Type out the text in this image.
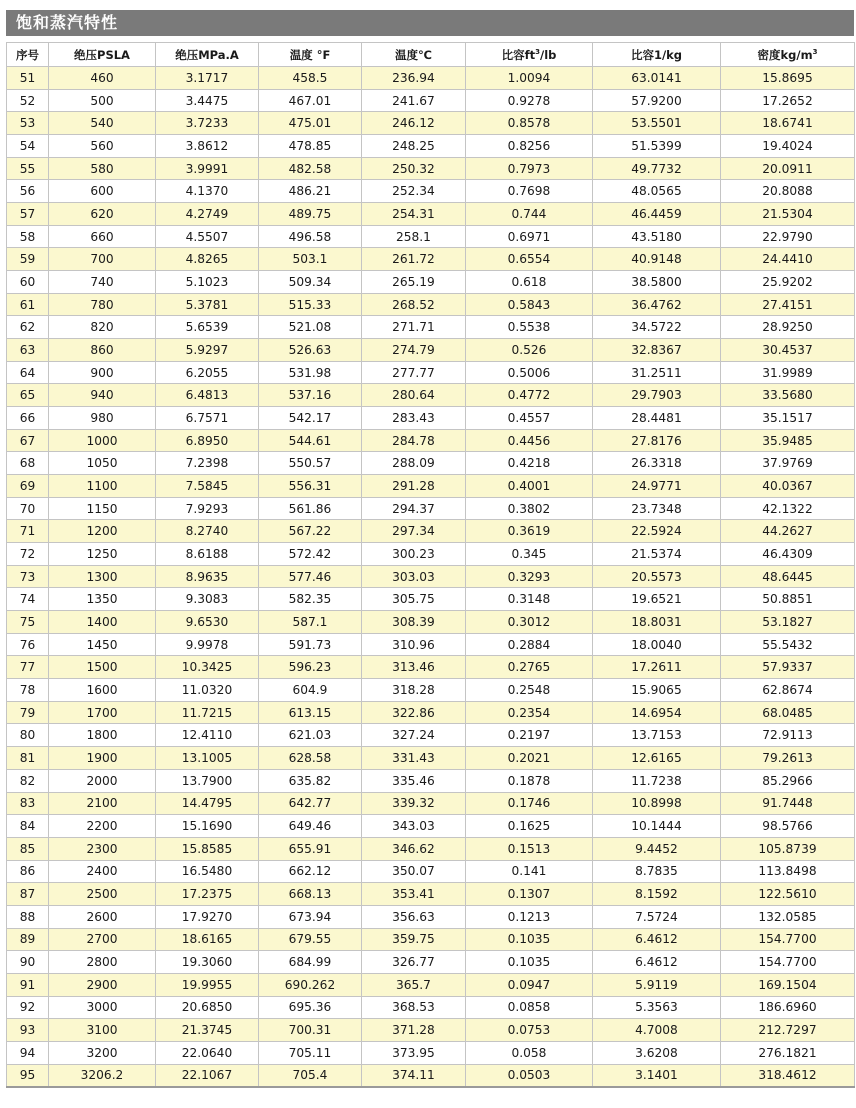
饱和蒸汽特性
序号	绝压PSLA	绝压MPa.A	温度 °F	温度℃	比容$ft^3/lb$	比容1/kg	密度$kg/m^3$
51	460	3.1717	458.5	236.94	1.0094	63.0141	15.8695
52	500	3.4475	467.01	241.67	0.9278	57.9200	17.2652
53	540	3.7233	475.01	246.12	0.8578	53.5501	18.6741
54	560	3.8612	478.85	248.25	0.8256	51.5399	19.4024
55	580	3.9991	482.58	250.32	0.7973	49.7732	20.0911
56	600	4.1370	486.21	252.34	0.7698	48.0565	20.8088
57	620	4.2749	489.75	254.31	0.744	46.4459	21.5304
58	660	4.5507	496.58	258.1	0.6971	43.5180	22.9790
59	700	4.8265	503.1	261.72	0.6554	40.9148	24.4410
60	740	5.1023	509.34	265.19	0.618	38.5800	25.9202
61	780	5.3781	515.33	268.52	0.5843	36.4762	27.4151
62	820	5.6539	521.08	271.71	0.5538	34.5722	28.9250
63	860	5.9297	526.63	274.79	0.526	32.8367	30.4537
64	900	6.2055	531.98	277.77	0.5006	31.2511	31.9989
65	940	6.4813	537.16	280.64	0.4772	29.7903	33.5680
66	980	6.7571	542.17	283.43	0.4557	28.4481	35.1517
67	1000	6.8950	544.61	284.78	0.4456	27.8176	35.9485
68	1050	7.2398	550.57	288.09	0.4218	26.3318	37.9769
69	1100	7.5845	556.31	291.28	0.4001	24.9771	40.0367
70	1150	7.9293	561.86	294.37	0.3802	23.7348	42.1322
71	1200	8.2740	567.22	297.34	0.3619	22.5924	44.2627
72	1250	8.6188	572.42	300.23	0.345	21.5374	46.4309
73	1300	8.9635	577.46	303.03	0.3293	20.5573	48.6445
74	1350	9.3083	582.35	305.75	0.3148	19.6521	50.8851
75	1400	9.6530	587.1	308.39	0.3012	18.8031	53.1827
76	1450	9.9978	591.73	310.96	0.2884	18.0040	55.5432
77	1500	10.3425	596.23	313.46	0.2765	17.2611	57.9337
78	1600	11.0320	604.9	318.28	0.2548	15.9065	62.8674
79	1700	11.7215	613.15	322.86	0.2354	14.6954	68.0485
80	1800	12.4110	621.03	327.24	0.2197	13.7153	72.9113
81	1900	13.1005	628.58	331.43	0.2021	12.6165	79.2613
82	2000	13.7900	635.82	335.46	0.1878	11.7238	85.2966
83	2100	14.4795	642.77	339.32	0.1746	10.8998	91.7448
84	2200	15.1690	649.46	343.03	0.1625	10.1444	98.5766
85	2300	15.8585	655.91	346.62	0.1513	9.4452	105.8739
86	2400	16.5480	662.12	350.07	0.141	8.7835	113.8498
87	2500	17.2375	668.13	353.41	0.1307	8.1592	122.5610
88	2600	17.9270	673.94	356.63	0.1213	7.5724	132.0585
89	2700	18.6165	679.55	359.75	0.1035	6.4612	154.7700
90	2800	19.3060	684.99	326.77	0.1035	6.4612	154.7700
91	2900	19.9955	690.262	365.7	0.0947	5.9119	169.1504
92	3000	20.6850	695.36	368.53	0.0858	5.3563	186.6960
93	3100	21.3745	700.31	371.28	0.0753	4.7008	212.7297
94	3200	22.0640	705.11	373.95	0.058	3.6208	276.1821
95	3206.2	22.1067	705.4	374.11	0.0503	3.1401	318.4612
